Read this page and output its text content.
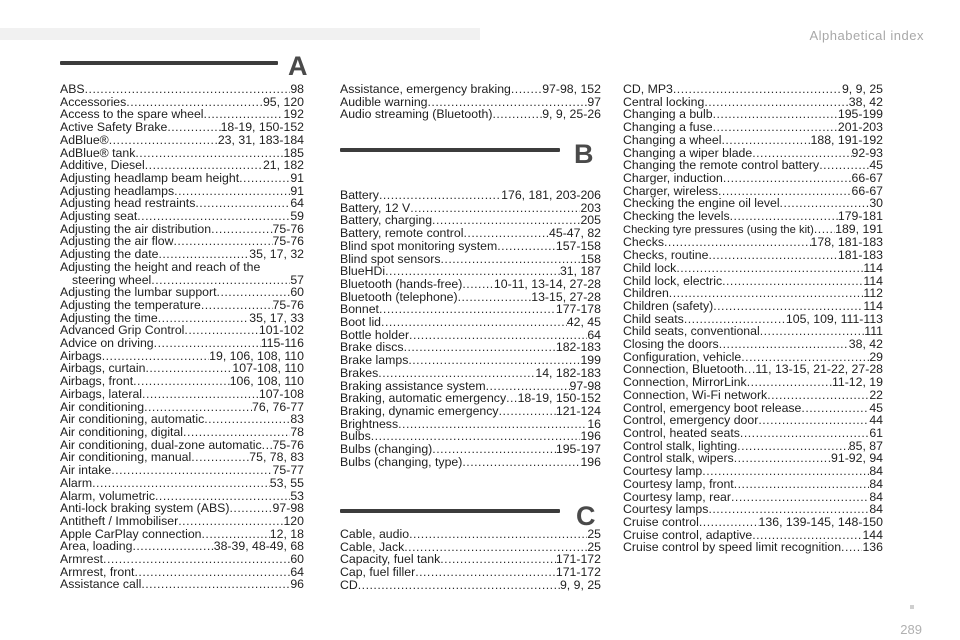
Alphabetical index
A
ABS .....	98
Accessories .....	95, 120
Access to the spare wheel .....	192
Active Safety Brake .....	18-19, 150-152
AdBlue® .....	23, 31, 183-184
AdBlue® tank .....	185
Additive, Diesel .....	21, 182
Adjusting headlamp beam height .....	91
Adjusting headlamps .....	91
Adjusting head restraints .....	64
Adjusting seat .....	59
Adjusting the air distribution .....	75-76
Adjusting the air flow .....	75-76
Adjusting the date .....	35, 17, 32
Adjusting the height and reach of the
steering wheel .....	57
Adjusting the lumbar support .....	60
Adjusting the temperature .....	75-76
Adjusting the time .....	35, 17, 33
Advanced Grip Control .....	101-102
Advice on driving .....	115-116
Airbags .....	19, 106, 108, 110
Airbags, curtain .....	107-108, 110
Airbags, front .....	106, 108, 110
Airbags, lateral .....	107-108
Air conditioning .....	76, 76-77
Air conditioning, automatic .....	83
Air conditioning, digital .....	78
Air conditioning, dual-zone automatic ..... 75-76
Air conditioning, manual .....	75, 78, 83
Air intake .....	75-77
Alarm .....	53, 55
Alarm, volumetric .....	53
Anti-lock braking system (ABS) .....	97-98
Antitheft / Immobiliser .....	120
Apple CarPlay connection .....	12, 18
Area, loading .....	38-39, 48-49, 68
Armrest .....	60
Armrest, front .....	64
Assistance call .....	96
Assistance, emergency braking .....	97-98, 152
Audible warning .....	97
Audio streaming (Bluetooth) .....	9, 9, 25-26
B
Battery .....	176, 181, 203-206
Battery, 12 V .....	203
Battery, charging .....	205
Battery, remote control .....	45-47, 82
Blind spot monitoring system .....	157-158
Blind spot sensors .....	158
BlueHDi .....	31, 187
Bluetooth (hands-free) .....	10-11, 13-14, 27-28
Bluetooth (telephone) .....	13-15, 27-28
Bonnet .....	177-178
Boot lid .....	42, 45
Bottle holder .....	64
Brake discs .....	182-183
Brake lamps .....	199
Brakes .....	14, 182-183
Braking assistance system .....	97-98
Braking, automatic emergency ..... 18-19, 150-152
Braking, dynamic emergency .....	121-124
Brightness .....	16
Bulbs .....	196
Bulbs (changing) .....	195-197
Bulbs (changing, type) .....	196
C
Cable, audio .....	25
Cable, Jack .....	25
Capacity, fuel tank .....	171-172
Cap, fuel filler .....	171-172
CD .....	9, 9, 25
CD, MP3 .....	9, 9, 25
Central locking .....	38, 42
Changing a bulb .....	195-199
Changing a fuse .....	201-203
Changing a wheel .....	188, 191-192
Changing a wiper blade .....	92-93
Changing the remote control battery .....	45
Charger, induction .....	66-67
Charger, wireless .....	66-67
Checking the engine oil level .....	30
Checking the levels .....	179-181
Checking tyre pressures (using the kit) ..... 189, 191
Checks .....	178, 181-183
Checks, routine .....	181-183
Child lock .....	114
Child lock, electric .....	114
Children .....	112
Children (safety) .....	114
Child seats .....	105, 109, 111-113
Child seats, conventional .....	111
Closing the doors .....	38, 42
Configuration, vehicle .....	29
Connection, Bluetooth ..... 11, 13-15, 21-22, 27-28
Connection, MirrorLink .....	11-12, 19
Connection, Wi-Fi network .....	22
Control, emergency boot release .....	45
Control, emergency door .....	44
Control, heated seats .....	61
Control stalk, lighting .....	85, 87
Control stalk, wipers .....	91-92, 94
Courtesy lamp .....	84
Courtesy lamp, front .....	84
Courtesy lamp, rear .....	84
Courtesy lamps .....	84
Cruise control .....	136, 139-145, 148-150
Cruise control, adaptive .....	144
Cruise control by speed limit recognition ..... 136
289
